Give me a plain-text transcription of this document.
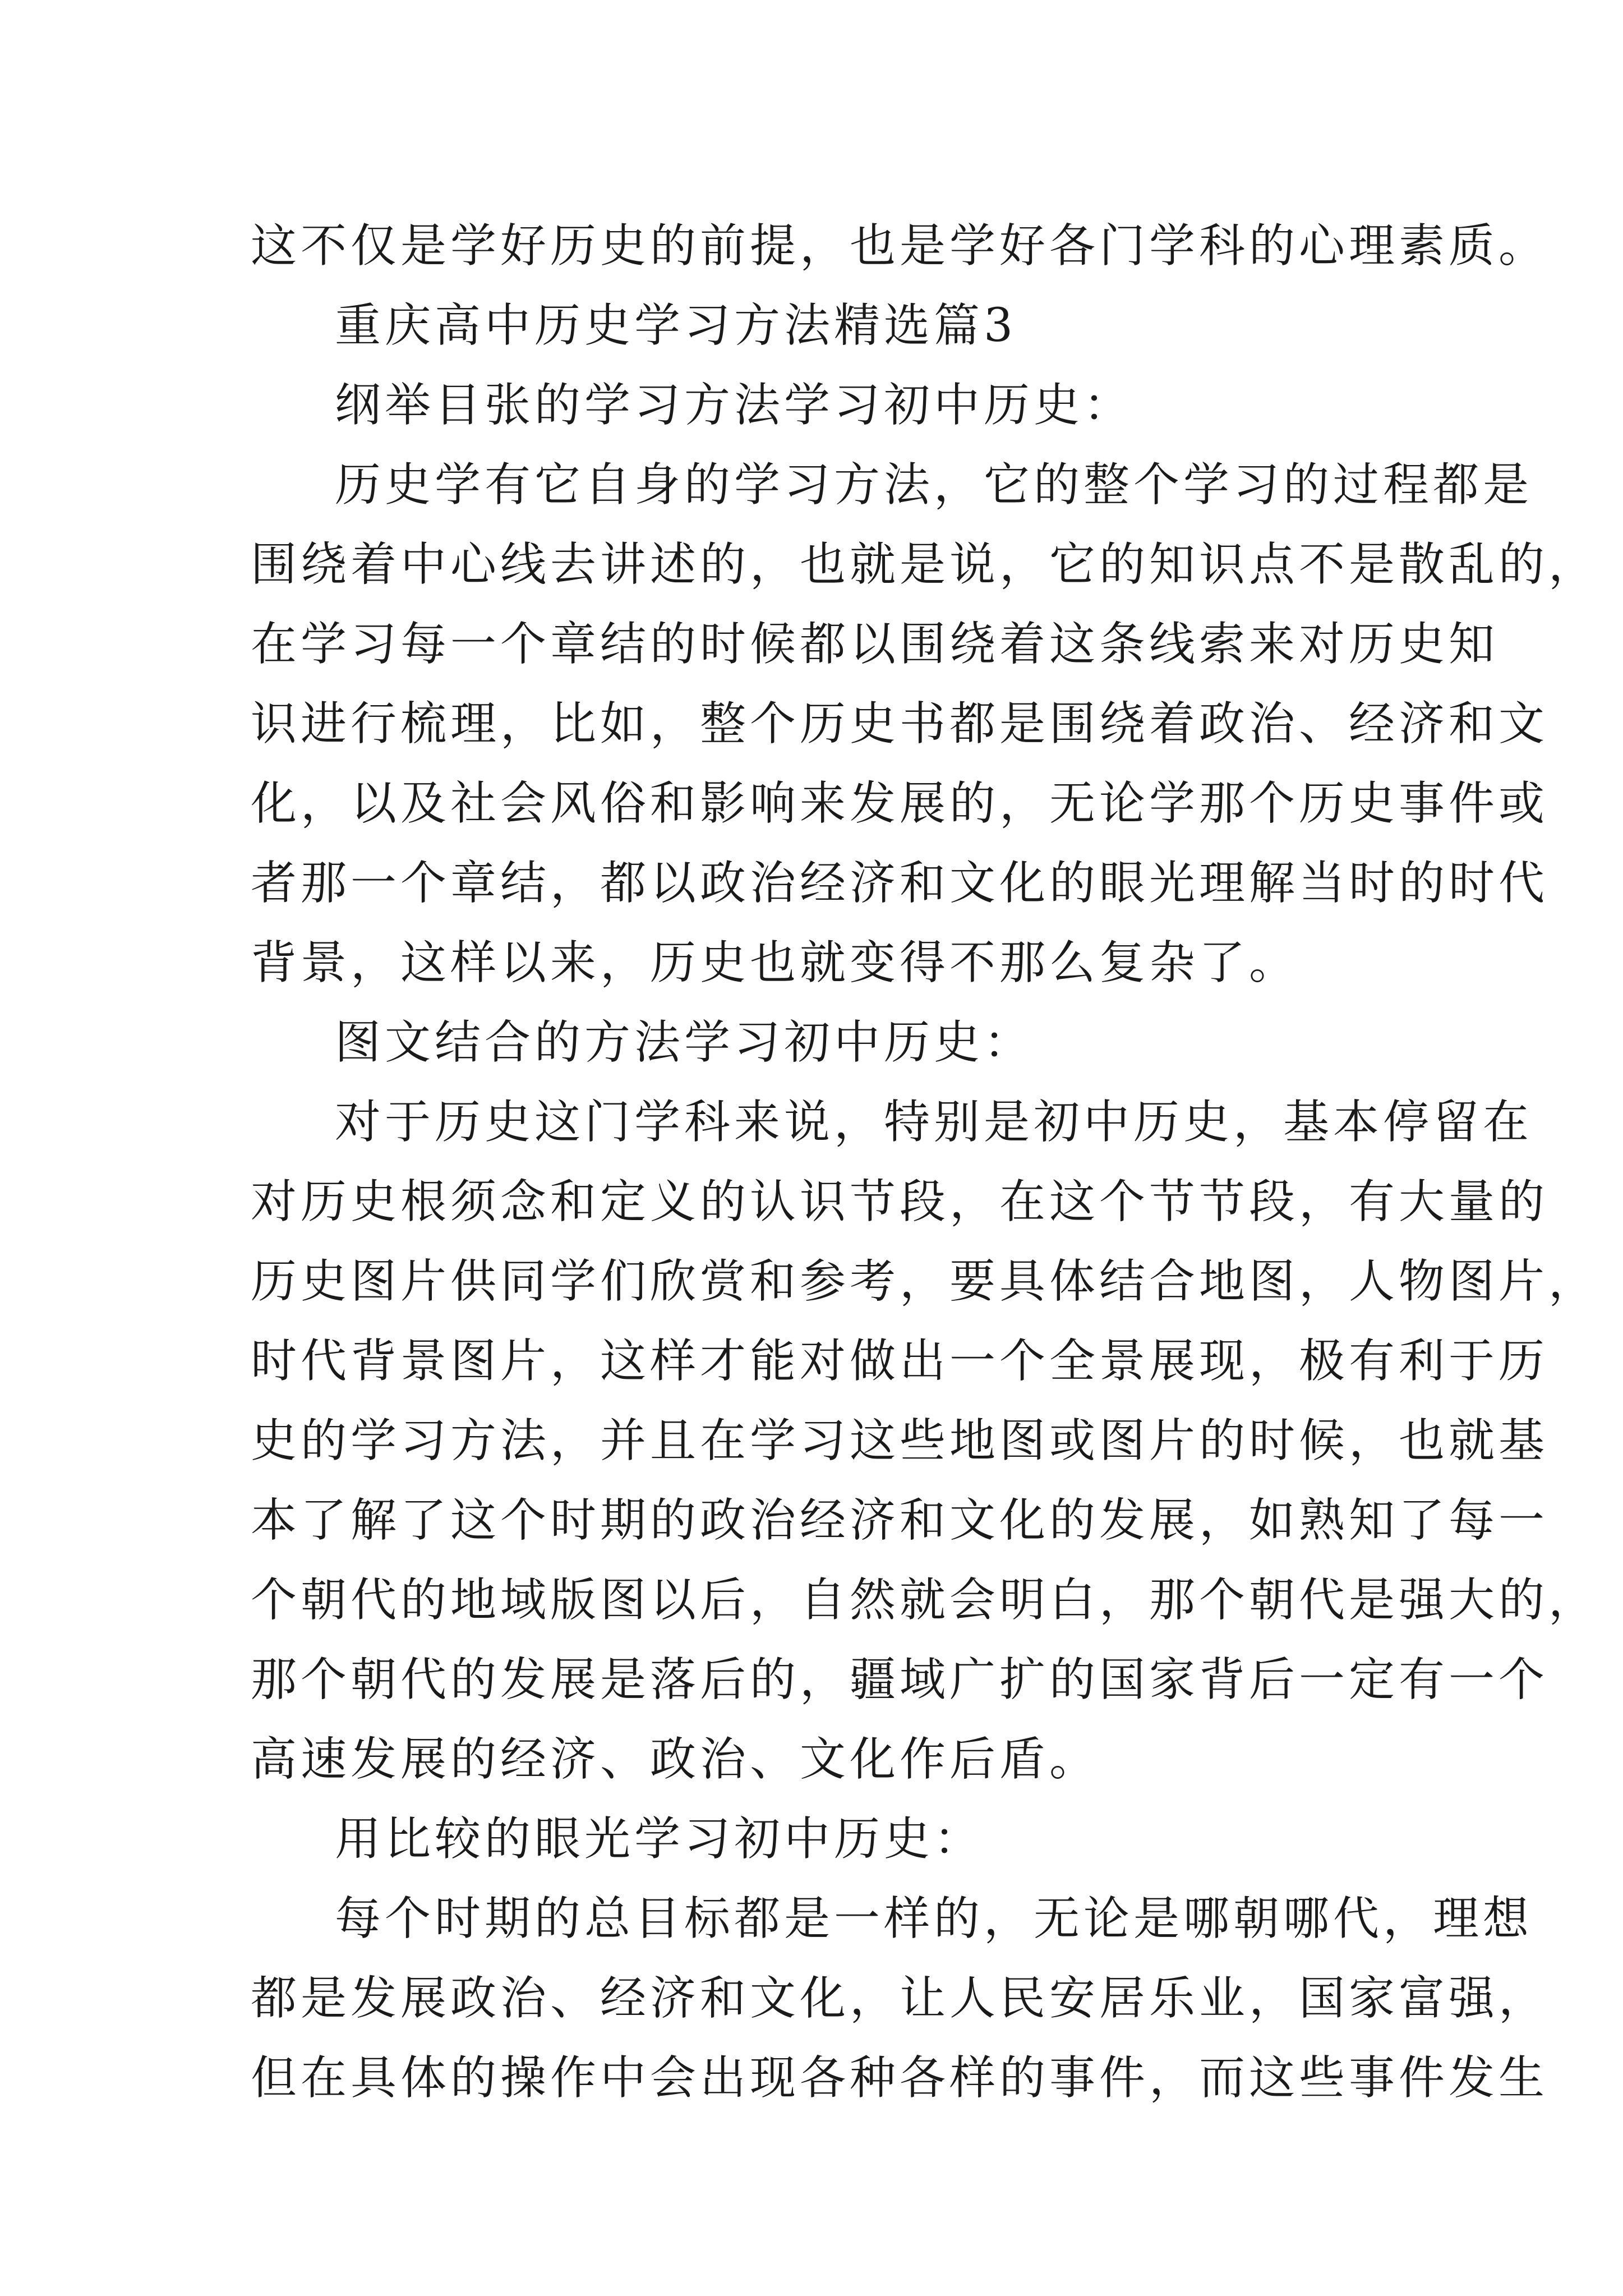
这不仅是学好历史的前提，也是学好各门学科的心理素质。
重庆高中历史学习方法精选篇3
纲举目张的学习方法学习初中历史：
历史学有它自身的学习方法，它的整个学习的过程都是
围绕着中心线去讲述的，也就是说，它的知识点不是散乱的，
在学习每一个章结的时候都以围绕着这条线索来对历史知
识进行梳理，比如，整个历史书都是围绕着政治、经济和文
化，以及社会风俗和影响来发展的，无论学那个历史事件或
者那一个章结，都以政治经济和文化的眼光理解当时的时代
背景，这样以来，历史也就变得不那么复杂了。
图文结合的方法学习初中历史：
对于历史这门学科来说，特别是初中历史，基本停留在
对历史根须念和定义的认识节段，在这个节节段，有大量的
历史图片供同学们欣赏和参考，要具体结合地图，人物图片，
时代背景图片，这样才能对做出一个全景展现，极有利于历
史的学习方法，并且在学习这些地图或图片的时候，也就基
本了解了这个时期的政治经济和文化的发展，如熟知了每一
个朝代的地域版图以后，自然就会明白，那个朝代是强大的，
那个朝代的发展是落后的，疆域广扩的国家背后一定有一个
高速发展的经济、政治、文化作后盾。
用比较的眼光学习初中历史：
每个时期的总目标都是一样的，无论是哪朝哪代，理想
都是发展政治、经济和文化，让人民安居乐业，国家富强，
但在具体的操作中会出现各种各样的事件，而这些事件发生
